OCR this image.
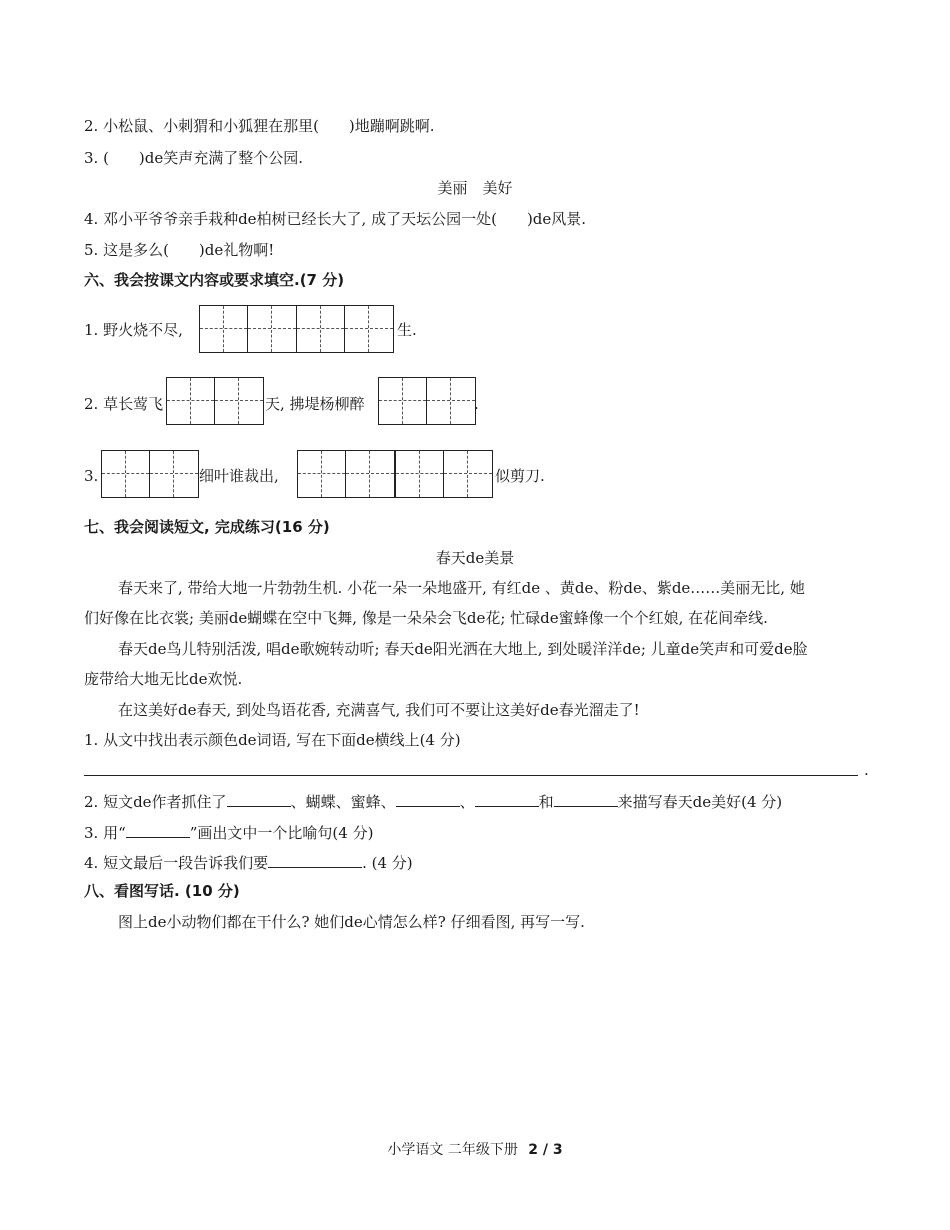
2. 小松鼠、小刺猬和小狐狸在那里(　　)地蹦啊跳啊.
3. (　　)de笑声充满了整个公园.
美丽　美好
4. 邓小平爷爷亲手栽种de柏树已经长大了, 成了天坛公园一处(　　)de风景.
5. 这是多么(　　)de礼物啊!
六、我会按课文内容或要求填空.(7 分)
1. 野火烧不尽,	生.
2. 草长莺飞	天, 拂堤杨柳醉	.
3.	细叶谁裁出,	似剪刀.
七、我会阅读短文, 完成练习(16 分)
春天de美景
春天来了, 带给大地一片勃勃生机. 小花一朵一朵地盛开, 有红de 、黄de、粉de、紫de……美丽无比, 她
们好像在比衣裳; 美丽de蝴蝶在空中飞舞, 像是一朵朵会飞de花; 忙碌de蜜蜂像一个个红娘, 在花间牵线.
春天de鸟儿特别活泼, 唱de歌婉转动听; 春天de阳光洒在大地上, 到处暖洋洋de; 儿童de笑声和可爱de脸
庞带给大地无比de欢悦.
在这美好de春天, 到处鸟语花香, 充满喜气, 我们可不要让这美好de春光溜走了!
1. 从文中找出表示颜色de词语, 写在下面de横线上(4 分)
.
2. 短文de作者抓住了	、蝴蝶、蜜蜂、	、	和	来描写春天de美好(4 分)
3. 用“	”画出文中一个比喻句(4 分)
4. 短文最后一段告诉我们要	. (4 分)
八、看图写话. (10 分)
图上de小动物们都在干什么? 她们de心情怎么样? 仔细看图, 再写一写.
小学语文 二年级下册 2 / 3
